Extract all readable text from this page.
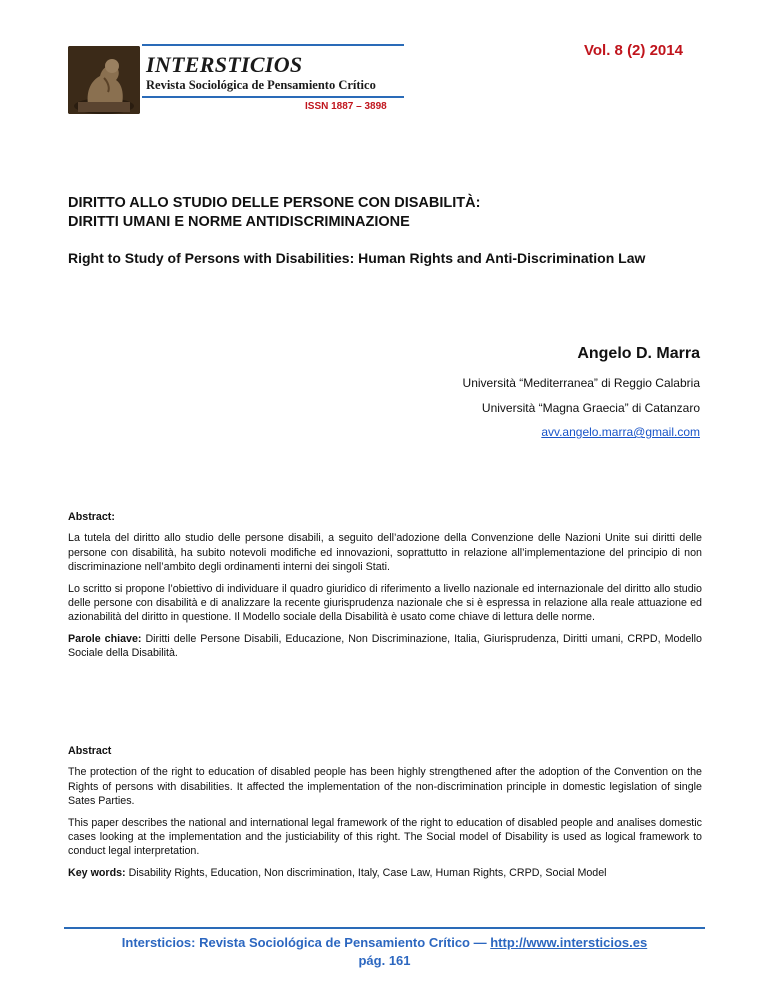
INTERSTICIOS
Revista Sociológica de Pensamiento Crítico
ISSN 1887 – 3898
Vol. 8 (2) 2014
DIRITTO ALLO STUDIO DELLE PERSONE CON DISABILITÀ:
DIRITTI UMANI E NORME ANTIDISCRIMINAZIONE
Right to Study of Persons with Disabilities: Human Rights and Anti-Discrimination Law
Angelo D. Marra
Università “Mediterranea” di Reggio Calabria
Università “Magna Graecia” di Catanzaro
avv.angelo.marra@gmail.com
Abstract:

La tutela del diritto allo studio delle persone disabili, a seguito dell’adozione della Convenzione delle Nazioni Unite sui diritti delle persone con disabilità, ha subito notevoli modifiche ed innovazioni, soprattutto in relazione all’implementazione del principio di non discriminazione nell’ambito degli ordinamenti interni dei singoli Stati.

Lo scritto si propone l’obiettivo di individuare il quadro giuridico di riferimento a livello nazionale ed internazionale del diritto allo studio delle persone con disabilità e di analizzare la recente giurisprudenza nazionale che si è espressa in relazione alla reale attuazione ed azionabilità del diritto in questione. Il Modello sociale della Disabilità è usato come chiave di lettura delle norme.

Parole chiave: Diritti delle Persone Disabili, Educazione, Non Discriminazione, Italia, Giurisprudenza, Diritti umani, CRPD, Modello Sociale della Disabilità.

Abstract

The protection of the right to education of disabled people has been highly strengthened after the adoption of the Convention on the Rights of persons with disabilities. It affected the implementation of the non-discrimination principle in domestic legislation of single Sates Parties.

This paper describes the national and international legal framework of the right to education of disabled people and analises domestic cases looking at the implementation and the justiciability of this right. The Social model of Disability is used as logical framework to conduct legal interpretation.

Key words: Disability Rights, Education, Non discrimination, Italy, Case Law, Human Rights, CRPD, Social Model

Intersticios: Revista Sociológica de Pensamiento Crítico — http://www.intersticios.es
pág. 161
